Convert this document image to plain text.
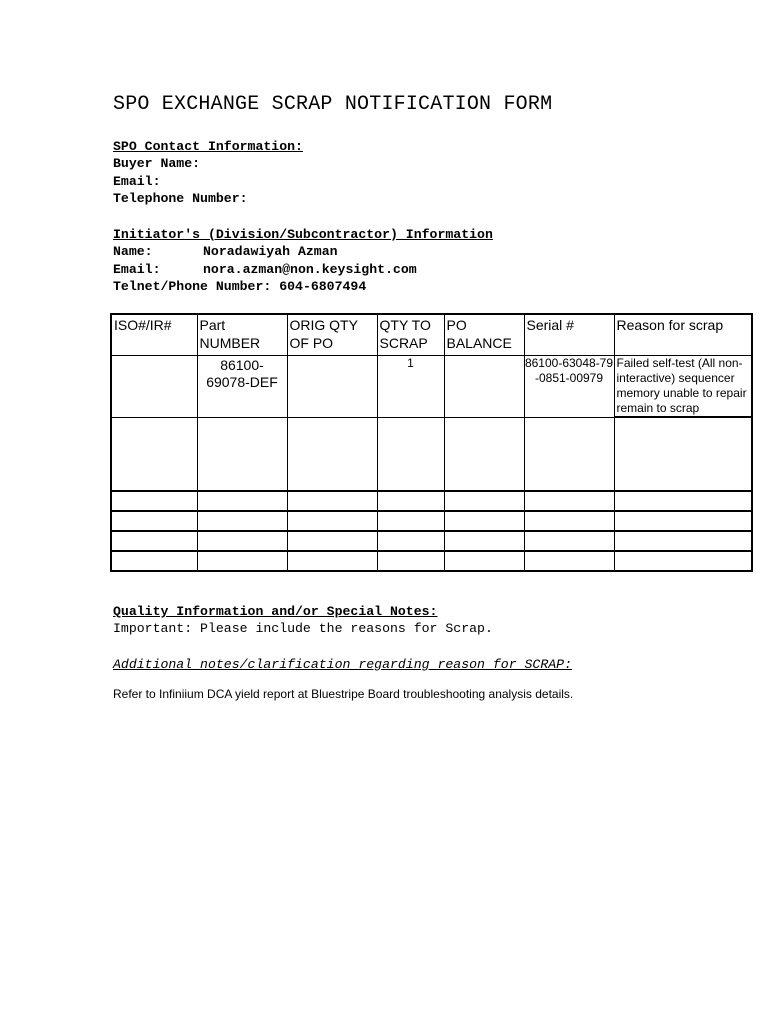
SPO EXCHANGE SCRAP NOTIFICATION FORM
SPO Contact Information:
Buyer Name:
Email:
Telephone Number:
Initiator's (Division/Subcontractor) Information
Name:	Noradawiyah Azman
Email:	nora.azman@non.keysight.com
Telnet/Phone Number: 604-6807494
ISO#/IR#	Part NUMBER	ORIG QTY OF PO	QTY TO SCRAP	PO BALANCE	Serial #	Reason for scrap
	86100-69078-DEF		1		86100-63048-79-0851-00979	Failed self-test (All non-interactive) sequencer memory unable to repair remain to scrap

Quality Information and/or Special Notes:
Important: Please include the reasons for Scrap.
Additional notes/clarification regarding reason for SCRAP:
Refer to Infiniium DCA yield report at Bluestripe Board troubleshooting analysis details.
